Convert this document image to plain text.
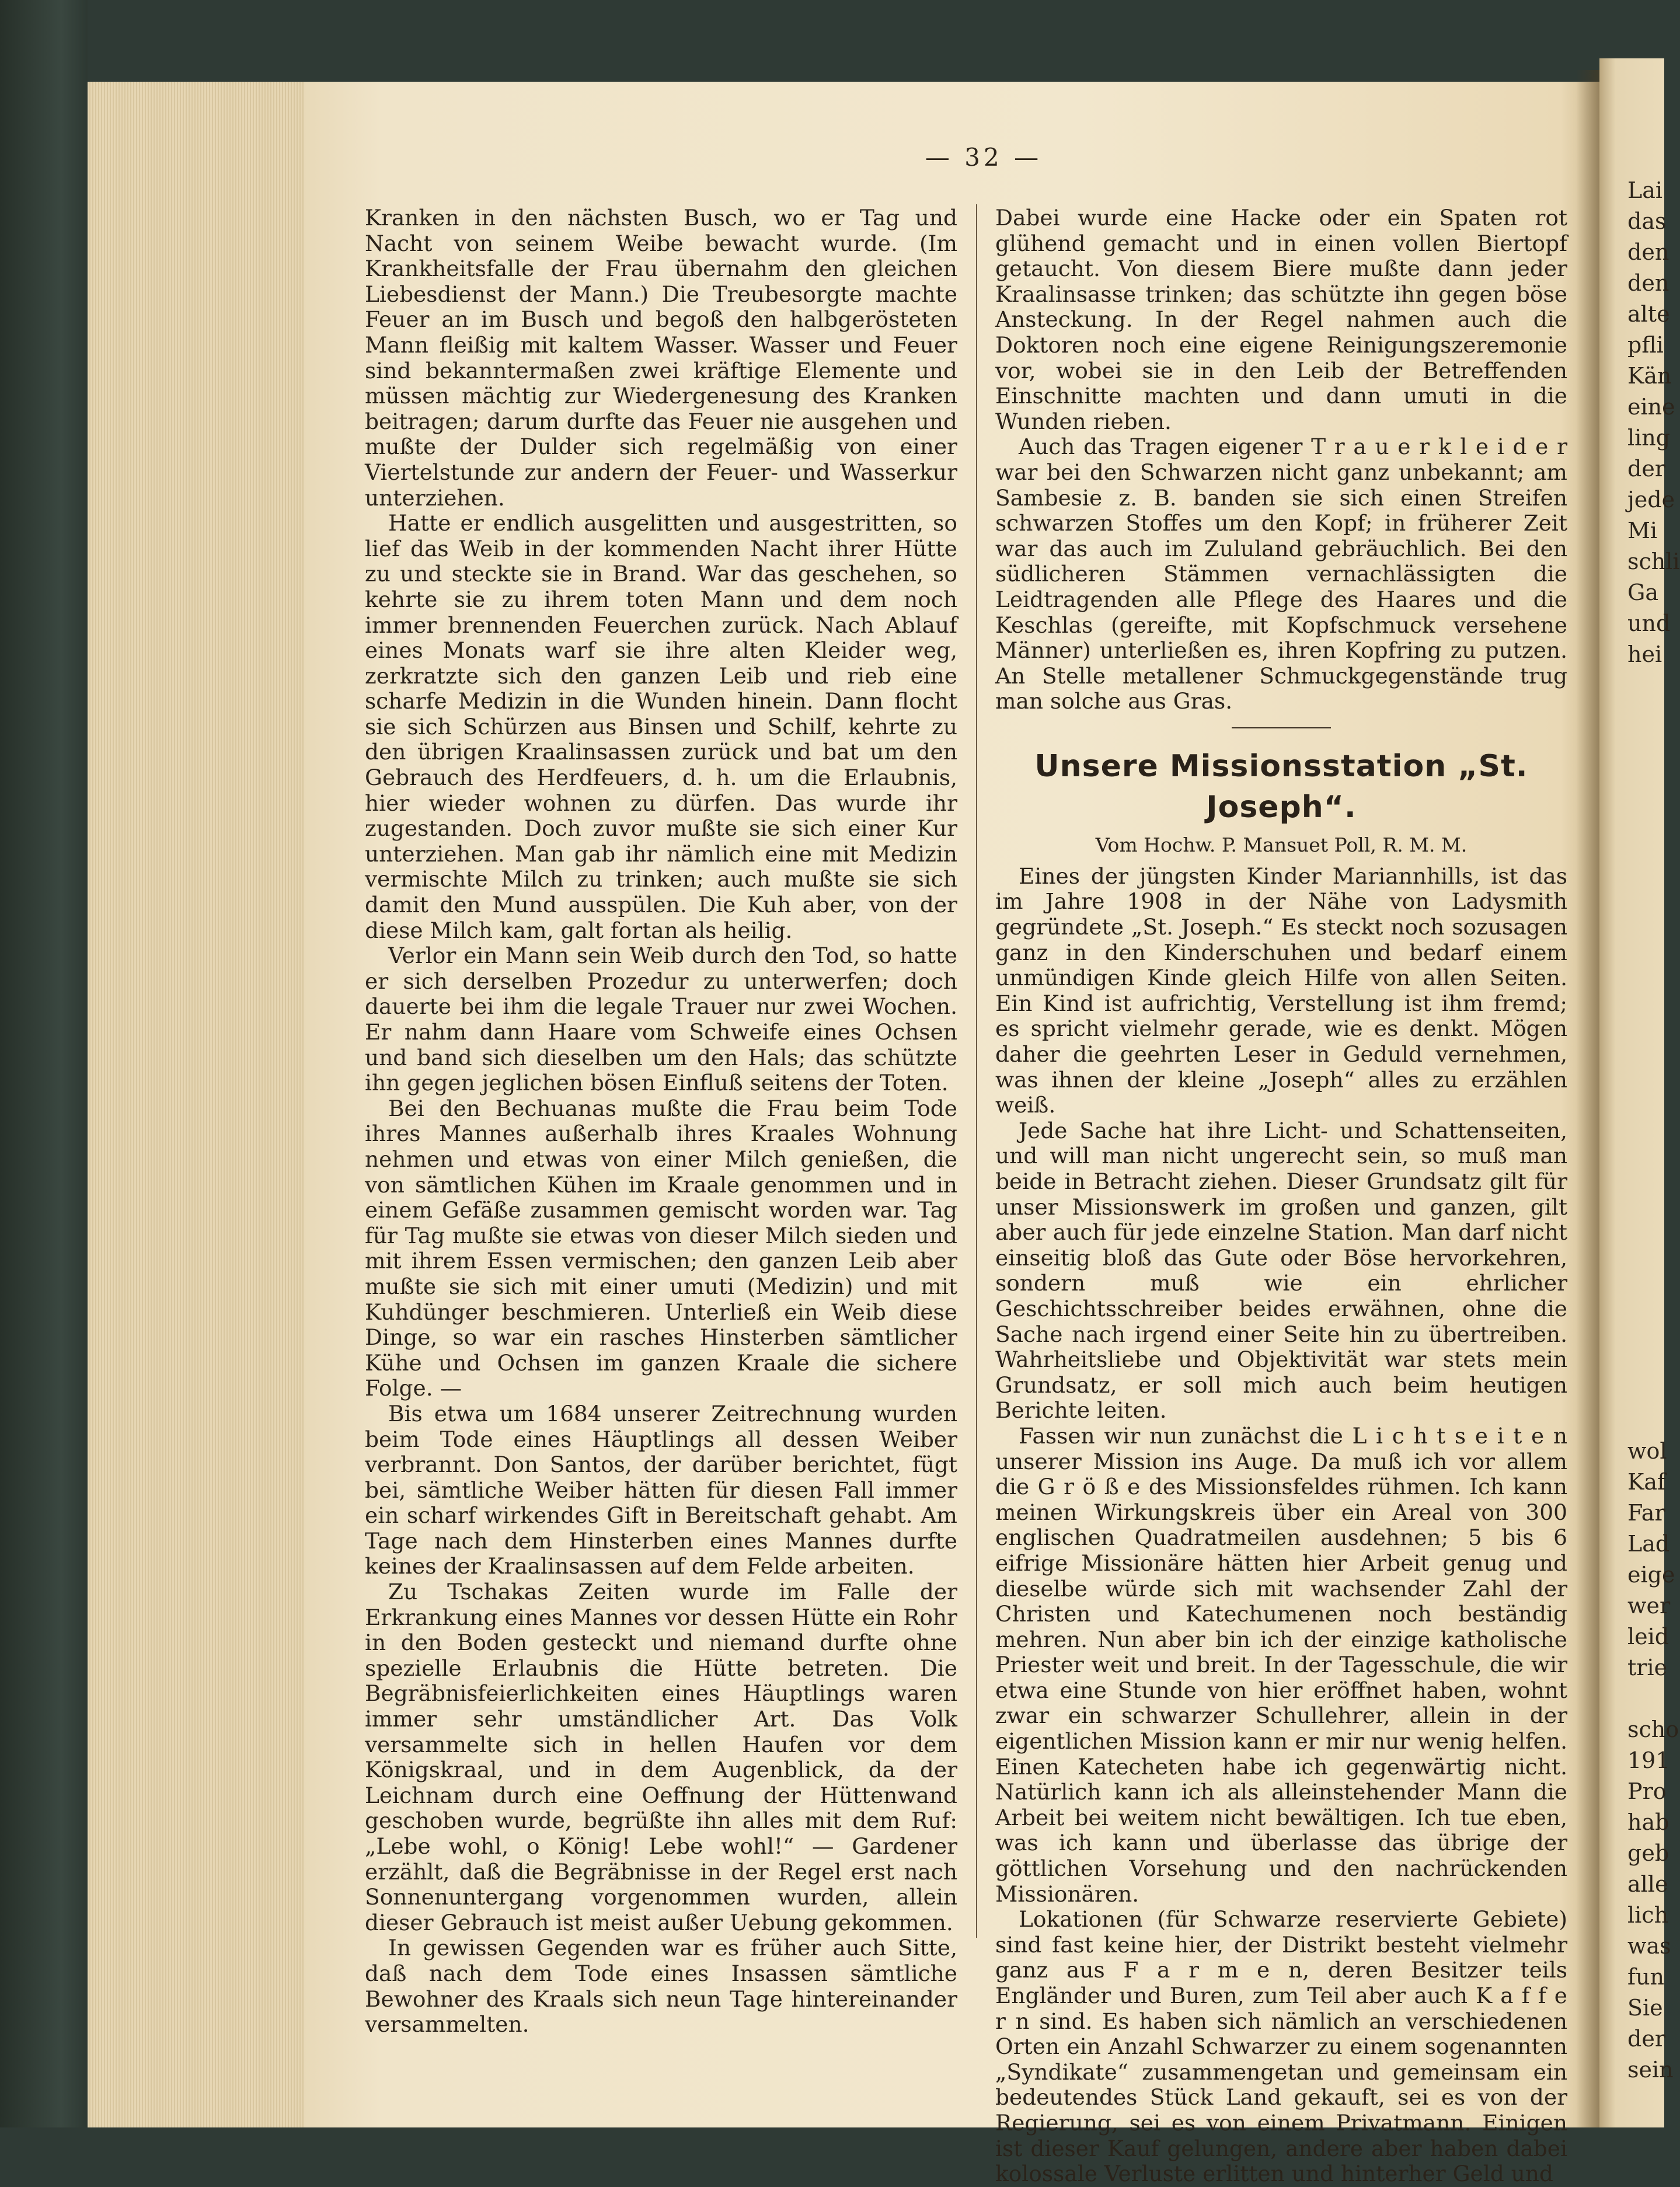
Lai
das
den
den
alte
pfli
Kän
eine
ling
der
jede
Mi
schli
Ga
und
hei
wol
Kaf
Far
Lad
eige
wer
leid
trie

scho
191
Pro
hab
geb
alle
lich
was
fun
Sie
der
sein
— 32 —

Kranken in den nächsten Busch, wo er Tag und Nacht von seinem Weibe bewacht wurde. (Im Krankheitsfalle der Frau übernahm den gleichen Liebesdienst der Mann.) Die Treubesorgte machte Feuer an im Busch und begoß den halbgerösteten Mann fleißig mit kaltem Wasser. Wasser und Feuer sind bekanntermaßen zwei kräftige Elemente und müssen mächtig zur Wiedergenesung des Kranken beitragen; darum durfte das Feuer nie ausgehen und mußte der Dulder sich regelmäßig von einer Viertelstunde zur andern der Feuer- und Wasserkur unterziehen.

Hatte er endlich ausgelitten und ausgestritten, so lief das Weib in der kommenden Nacht ihrer Hütte zu und steckte sie in Brand. War das geschehen, so kehrte sie zu ihrem toten Mann und dem noch immer brennenden Feuerchen zurück. Nach Ablauf eines Monats warf sie ihre alten Kleider weg, zerkratzte sich den ganzen Leib und rieb eine scharfe Medizin in die Wunden hinein. Dann flocht sie sich Schürzen aus Binsen und Schilf, kehrte zu den übrigen Kraalinsassen zurück und bat um den Gebrauch des Herdfeuers, d. h. um die Erlaubnis, hier wieder wohnen zu dürfen. Das wurde ihr zugestanden. Doch zuvor mußte sie sich einer Kur unterziehen. Man gab ihr nämlich eine mit Medizin vermischte Milch zu trinken; auch mußte sie sich damit den Mund ausspülen. Die Kuh aber, von der diese Milch kam, galt fortan als heilig.

Verlor ein Mann sein Weib durch den Tod, so hatte er sich derselben Prozedur zu unterwerfen; doch dauerte bei ihm die legale Trauer nur zwei Wochen. Er nahm dann Haare vom Schweife eines Ochsen und band sich dieselben um den Hals; das schützte ihn gegen jeglichen bösen Einfluß seitens der Toten.

Bei den Bechuanas mußte die Frau beim Tode ihres Mannes außerhalb ihres Kraales Wohnung nehmen und etwas von einer Milch genießen, die von sämtlichen Kühen im Kraale genommen und in einem Gefäße zusammen gemischt worden war. Tag für Tag mußte sie etwas von dieser Milch sieden und mit ihrem Essen vermischen; den ganzen Leib aber mußte sie sich mit einer umuti (Medizin) und mit Kuhdünger beschmieren. Unterließ ein Weib diese Dinge, so war ein rasches Hinsterben sämtlicher Kühe und Ochsen im ganzen Kraale die sichere Folge. —

Bis etwa um 1684 unserer Zeitrechnung wurden beim Tode eines Häuptlings all dessen Weiber verbrannt. Don Santos, der darüber berichtet, fügt bei, sämtliche Weiber hätten für diesen Fall immer ein scharf wirkendes Gift in Bereitschaft gehabt. Am Tage nach dem Hinsterben eines Mannes durfte keines der Kraalinsassen auf dem Felde arbeiten.

Zu Tschakas Zeiten wurde im Falle der Erkrankung eines Mannes vor dessen Hütte ein Rohr in den Boden gesteckt und niemand durfte ohne spezielle Erlaubnis die Hütte betreten. Die Begräbnisfeierlichkeiten eines Häuptlings waren immer sehr umständlicher Art. Das Volk versammelte sich in hellen Haufen vor dem Königskraal, und in dem Augenblick, da der Leichnam durch eine Oeffnung der Hüttenwand geschoben wurde, begrüßte ihn alles mit dem Ruf: „Lebe wohl, o König! Lebe wohl!“ — Gardener erzählt, daß die Begräbnisse in der Regel erst nach Sonnenuntergang vorgenommen wurden, allein dieser Gebrauch ist meist außer Uebung gekommen.

In gewissen Gegenden war es früher auch Sitte, daß nach dem Tode eines Insassen sämtliche Bewohner des Kraals sich neun Tage hintereinander versammelten.

Dabei wurde eine Hacke oder ein Spaten rot glühend gemacht und in einen vollen Biertopf getaucht. Von diesem Biere mußte dann jeder Kraalinsasse trinken; das schützte ihn gegen böse Ansteckung. In der Regel nahmen auch die Doktoren noch eine eigene Reinigungszeremonie vor, wobei sie in den Leib der Betreffenden Einschnitte machten und dann umuti in die Wunden rieben.

Auch das Tragen eigener T r a u e r k l e i d e r war bei den Schwarzen nicht ganz unbekannt; am Sambesie z. B. banden sie sich einen Streifen schwarzen Stoffes um den Kopf; in früherer Zeit war das auch im Zululand gebräuchlich. Bei den südlicheren Stämmen vernachlässigten die Leidtragenden alle Pflege des Haares und die Keschlas (gereifte, mit Kopfschmuck versehene Männer) unterließen es, ihren Kopfring zu putzen. An Stelle metallener Schmuckgegenstände trug man solche aus Gras.

Unsere Missionsstation „St. Joseph“.
Vom Hochw. P. Mansuet Poll, R. M. M.

Eines der jüngsten Kinder Mariannhills, ist das im Jahre 1908 in der Nähe von Ladysmith gegründete „St. Joseph.“ Es steckt noch sozusagen ganz in den Kinderschuhen und bedarf einem unmündigen Kinde gleich Hilfe von allen Seiten. Ein Kind ist aufrichtig, Verstellung ist ihm fremd; es spricht vielmehr gerade, wie es denkt. Mögen daher die geehrten Leser in Geduld vernehmen, was ihnen der kleine „Joseph“ alles zu erzählen weiß.

Jede Sache hat ihre Licht- und Schattenseiten, und will man nicht ungerecht sein, so muß man beide in Betracht ziehen. Dieser Grundsatz gilt für unser Missionswerk im großen und ganzen, gilt aber auch für jede einzelne Station. Man darf nicht einseitig bloß das Gute oder Böse hervorkehren, sondern muß wie ein ehrlicher Geschichtsschreiber beides erwähnen, ohne die Sache nach irgend einer Seite hin zu übertreiben. Wahrheitsliebe und Objektivität war stets mein Grundsatz, er soll mich auch beim heutigen Berichte leiten.

Fassen wir nun zunächst die L i c h t s e i t e n unserer Mission ins Auge. Da muß ich vor allem die G r ö ß e des Missionsfeldes rühmen. Ich kann meinen Wirkungskreis über ein Areal von 300 englischen Quadratmeilen ausdehnen; 5 bis 6 eifrige Missionäre hätten hier Arbeit genug und dieselbe würde sich mit wachsender Zahl der Christen und Katechumenen noch beständig mehren. Nun aber bin ich der einzige katholische Priester weit und breit. In der Tagesschule, die wir etwa eine Stunde von hier eröffnet haben, wohnt zwar ein schwarzer Schullehrer, allein in der eigentlichen Mission kann er mir nur wenig helfen. Einen Katecheten habe ich gegenwärtig nicht. Natürlich kann ich als alleinstehender Mann die Arbeit bei weitem nicht bewältigen. Ich tue eben, was ich kann und überlasse das übrige der göttlichen Vorsehung und den nachrückenden Missionären.

Lokationen (für Schwarze reservierte Gebiete) sind fast keine hier, der Distrikt besteht vielmehr ganz aus F a r m e n, deren Besitzer teils Engländer und Buren, zum Teil aber auch K a f f e r n sind. Es haben sich nämlich an verschiedenen Orten ein Anzahl Schwarzer zu einem sogenannten „Syndikate“ zusammengetan und gemeinsam ein bedeutendes Stück Land gekauft, sei es von der Regierung, sei es von einem Privatmann. Einigen ist dieser Kauf gelungen, andere aber haben dabei kolossale Verluste erlitten und hinterher Geld und
